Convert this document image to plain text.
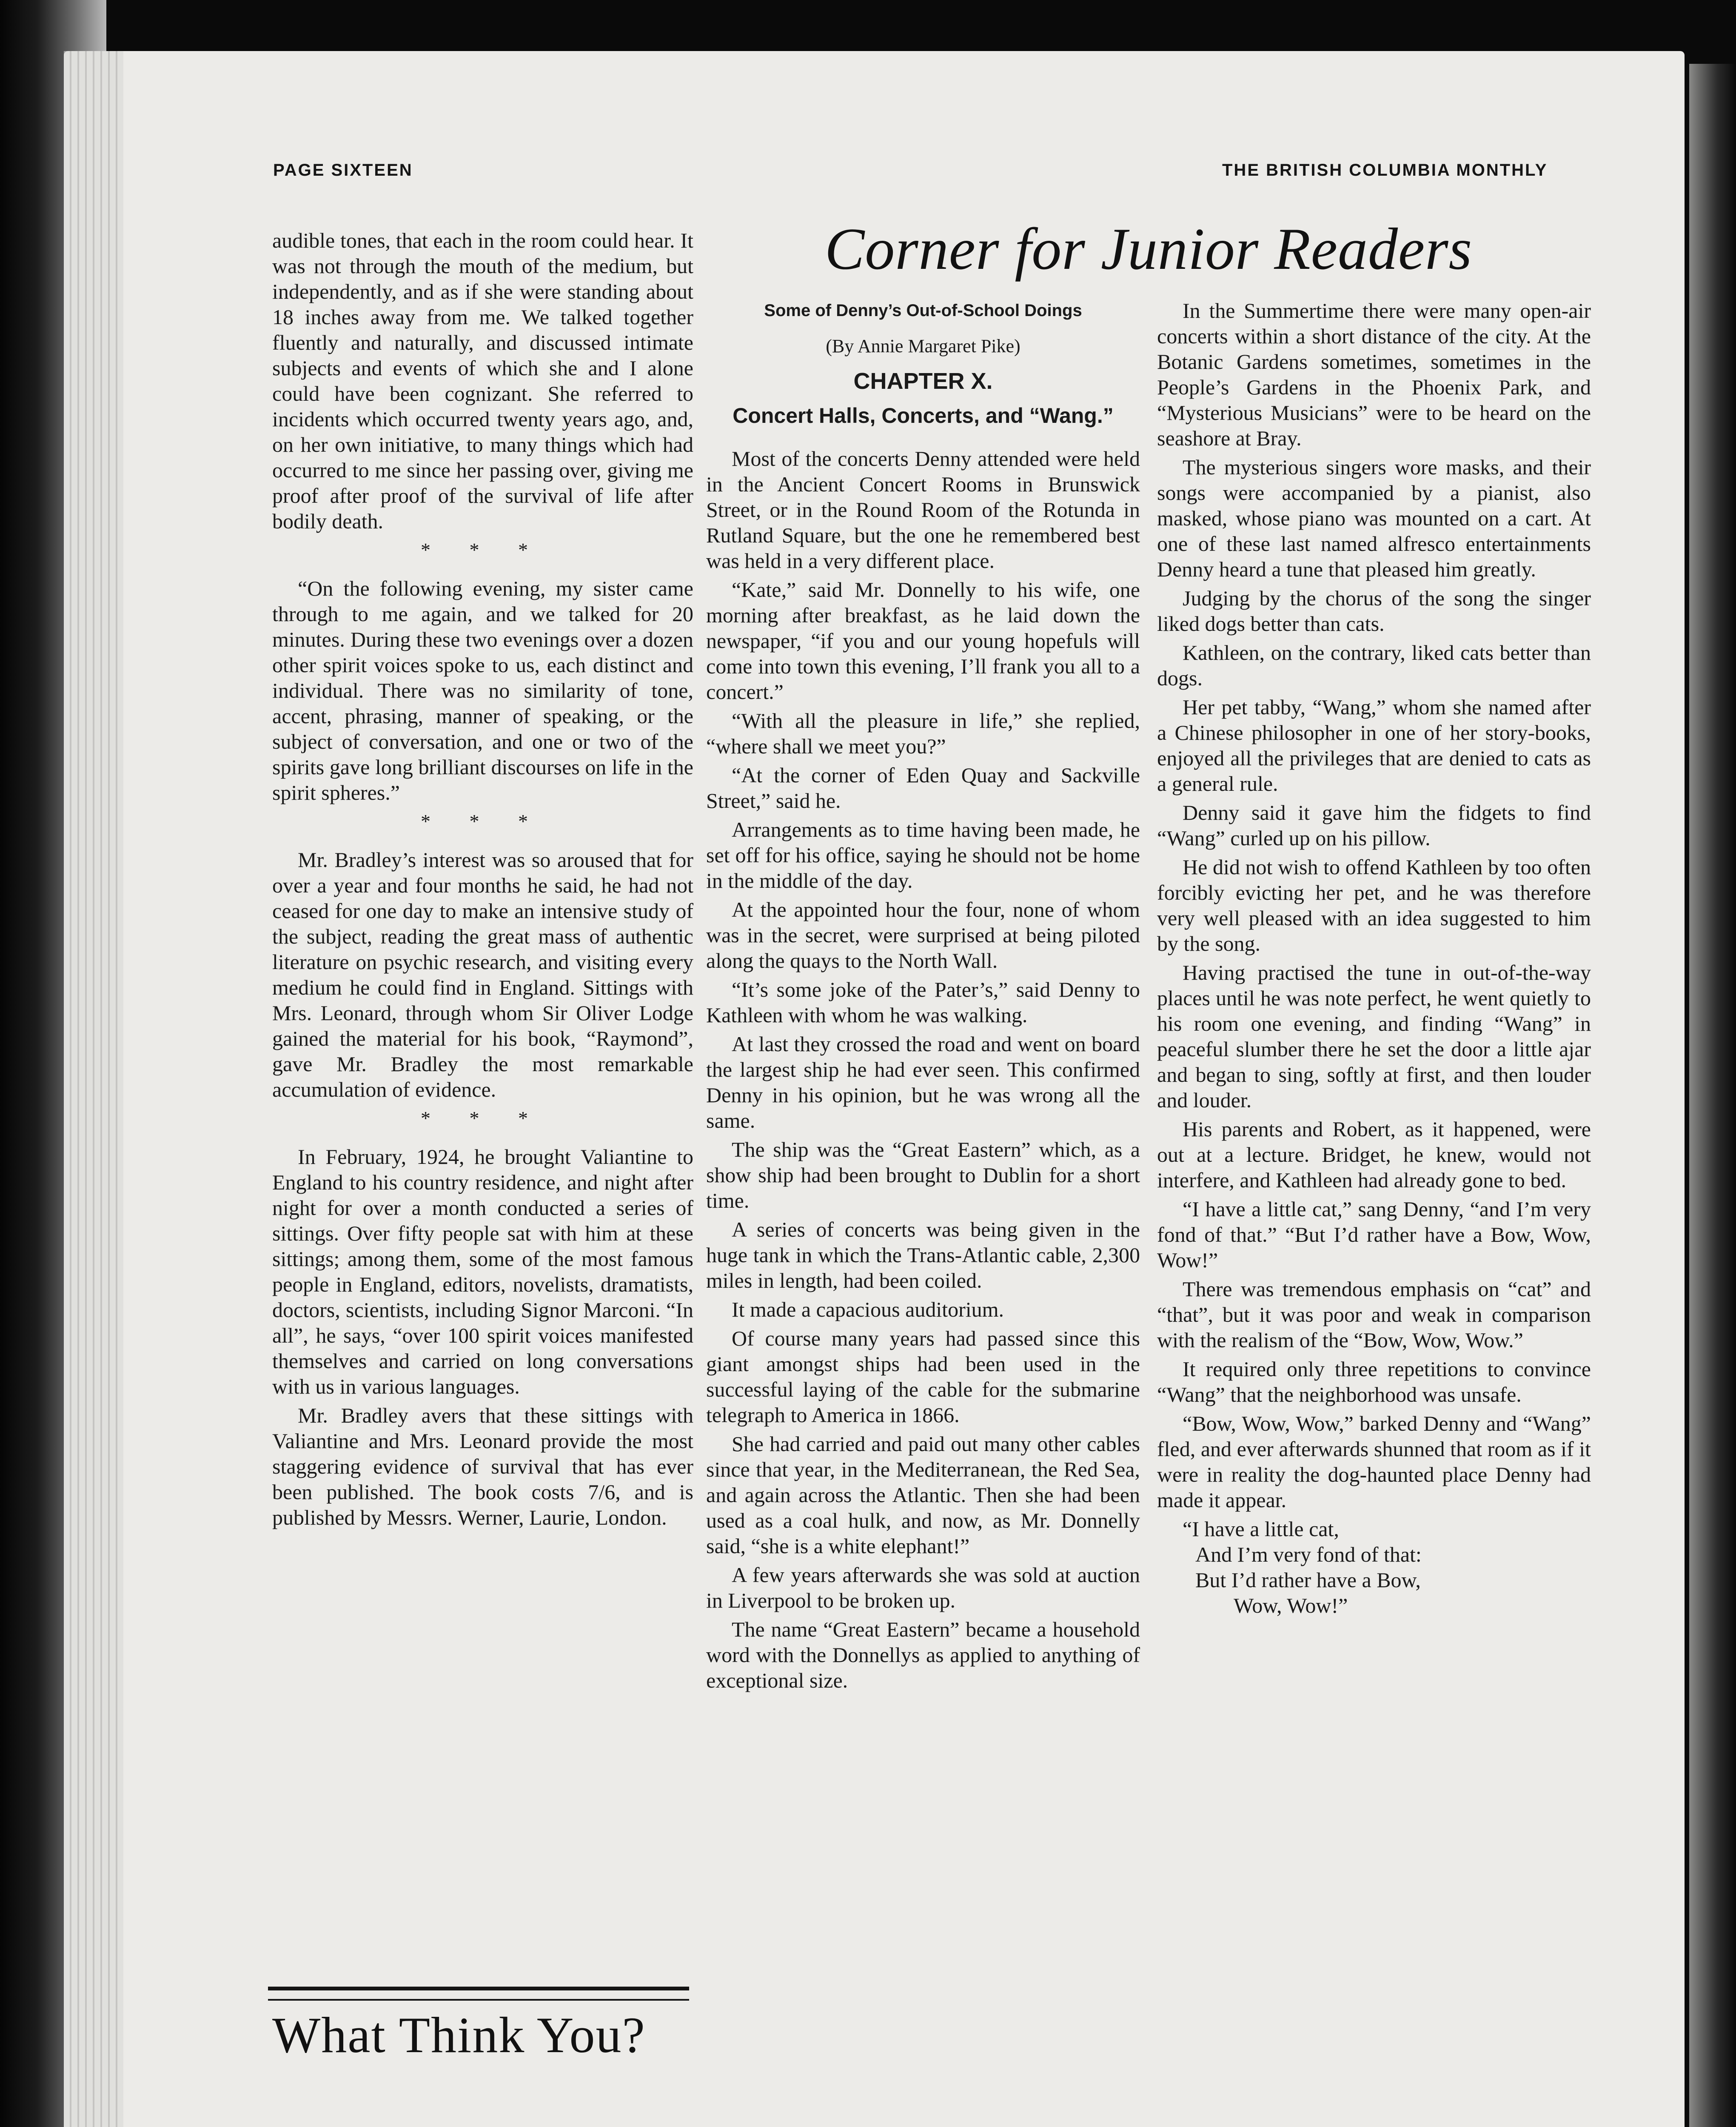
PAGE SIXTEEN	THE BRITISH COLUMBIA MONTHLY

audible tones, that each in the room could hear. It was not through the mouth of the medium, but independently, and as if she were standing about 18 inches away from me. We talked together fluently and naturally, and discussed intimate subjects and events of which she and I alone could have been cognizant. She referred to incidents which occurred twenty years ago, and, on her own initiative, to many things which had occurred to me since her passing over, giving me proof after proof of the survival of life after bodily death.

* * *

“On the following evening, my sister came through to me again, and we talked for 20 minutes. During these two evenings over a dozen other spirit voices spoke to us, each distinct and individual. There was no similarity of tone, accent, phrasing, manner of speaking, or the subject of conversation, and one or two of the spirits gave long brilliant discourses on life in the spirit spheres.”

* * *

Mr. Bradley’s interest was so aroused that for over a year and four months he said, he had not ceased for one day to make an intensive study of the subject, reading the great mass of authentic literature on psychic research, and visiting every medium he could find in England. Sittings with Mrs. Leonard, through whom Sir Oliver Lodge gained the material for his book, “Raymond”, gave Mr. Bradley the most remarkable accumulation of evidence.

* * *

In February, 1924, he brought Valiantine to England to his country residence, and night after night for over a month conducted a series of sittings. Over fifty people sat with him at these sittings; among them, some of the most famous people in England, editors, novelists, dramatists, doctors, scientists, including Signor Marconi. “In all”, he says, “over 100 spirit voices manifested themselves and carried on long conversations with us in various languages.

Mr. Bradley avers that these sittings with Valiantine and Mrs. Leonard provide the most staggering evidence of survival that has ever been published. The book costs 7/6, and is published by Messrs. Werner, Laurie, London.

What Think You?
Corner for Junior Readers

Some of Denny’s Out-of-School Doings

(By Annie Margaret Pike)

CHAPTER X.

Concert Halls, Concerts, and “Wang.”

Most of the concerts Denny attended were held in the Ancient Concert Rooms in Brunswick Street, or in the Round Room of the Rotunda in Rutland Square, but the one he remembered best was held in a very different place.

“Kate,” said Mr. Donnelly to his wife, one morning after breakfast, as he laid down the newspaper, “if you and our young hopefuls will come into town this evening, I’ll frank you all to a concert.”

“With all the pleasure in life,” she replied, “where shall we meet you?”

“At the corner of Eden Quay and Sackville Street,” said he.

Arrangements as to time having been made, he set off for his office, saying he should not be home in the middle of the day.

At the appointed hour the four, none of whom was in the secret, were surprised at being piloted along the quays to the North Wall.

“It’s some joke of the Pater’s,” said Denny to Kathleen with whom he was walking.

At last they crossed the road and went on board the largest ship he had ever seen. This confirmed Denny in his opinion, but he was wrong all the same.

The ship was the “Great Eastern” which, as a show ship had been brought to Dublin for a short time.

A series of concerts was being given in the huge tank in which the Trans-Atlantic cable, 2,300 miles in length, had been coiled.

It made a capacious auditorium.

Of course many years had passed since this giant amongst ships had been used in the successful laying of the cable for the submarine telegraph to America in 1866.

She had carried and paid out many other cables since that year, in the Mediterranean, the Red Sea, and again across the Atlantic. Then she had been used as a coal hulk, and now, as Mr. Donnelly said, “she is a white elephant!”

A few years afterwards she was sold at auction in Liverpool to be broken up.

The name “Great Eastern” became a household word with the Donnellys as applied to anything of exceptional size.

In the Summertime there were many open-air concerts within a short distance of the city. At the Botanic Gardens sometimes, sometimes in the People’s Gardens in the Phoenix Park, and “Mysterious Musicians” were to be heard on the seashore at Bray.

The mysterious singers wore masks, and their songs were accompanied by a pianist, also masked, whose piano was mounted on a cart. At one of these last named alfresco entertainments Denny heard a tune that pleased him greatly.

Judging by the chorus of the song the singer liked dogs better than cats.

Kathleen, on the contrary, liked cats better than dogs.

Her pet tabby, “Wang,” whom she named after a Chinese philosopher in one of her story-books, enjoyed all the privileges that are denied to cats as a general rule.

Denny said it gave him the fidgets to find “Wang” curled up on his pillow.

He did not wish to offend Kathleen by too often forcibly evicting her pet, and he was therefore very well pleased with an idea suggested to him by the song.

Having practised the tune in out-of-the-way places until he was note perfect, he went quietly to his room one evening, and finding “Wang” in peaceful slumber there he set the door a little ajar and began to sing, softly at first, and then louder and louder.

His parents and Robert, as it happened, were out at a lecture. Bridget, he knew, would not interfere, and Kathleen had already gone to bed.

“I have a little cat,” sang Denny, “and I’m very fond of that.” “But I’d rather have a Bow, Wow, Wow!”

There was tremendous emphasis on “cat” and “that”, but it was poor and weak in comparison with the realism of the “Bow, Wow, Wow.”

It required only three repetitions to convince “Wang” that the neighborhood was unsafe.

“Bow, Wow, Wow,” barked Denny and “Wang” fled, and ever afterwards shunned that room as if it were in reality the dog-haunted place Denny had made it appear.

“I have a little cat,

And I’m very fond of that:

But I’d rather have a Bow,

Wow, Wow!”
